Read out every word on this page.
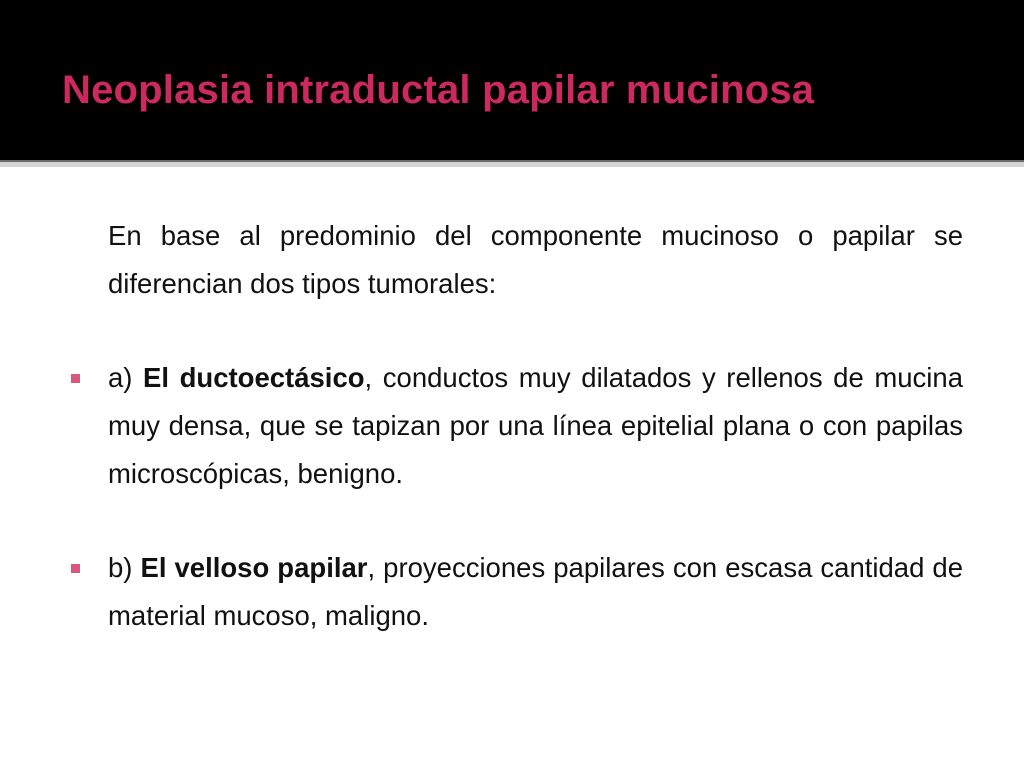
Neoplasia intraductal papilar mucinosa

En base al predominio del componente mucinoso o papilar se diferencian dos tipos tumorales:

a) El ductoectásico, conductos muy dilatados y rellenos de mucina muy densa, que se tapizan por una línea epitelial plana o con papilas microscópicas, benigno.

b) El velloso papilar, proyecciones papilares con escasa cantidad de material mucoso, maligno.
